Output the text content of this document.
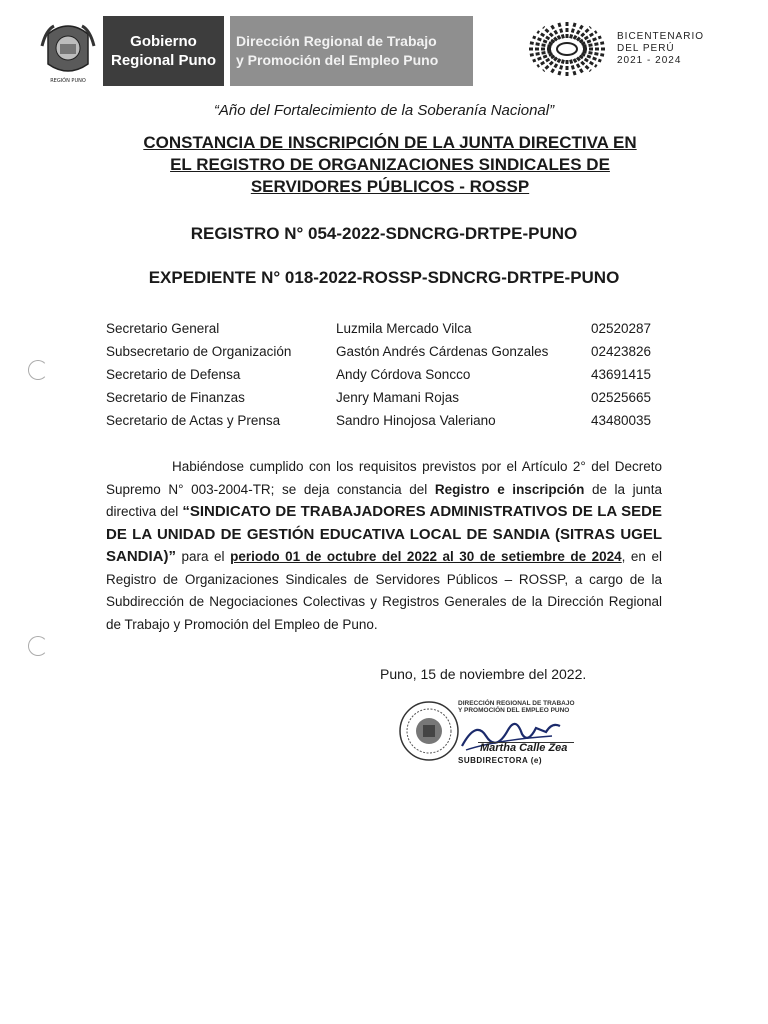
REGIÓN PUNO
Gobierno
Regional Puno
Dirección Regional de Trabajo
y Promoción del Empleo Puno
BICENTENARIO
DEL PERÚ
2021 - 2024
“Año del Fortalecimiento de la Soberanía Nacional”
CONSTANCIA DE INSCRIPCIÓN DE LA JUNTA DIRECTIVA EN
EL REGISTRO DE ORGANIZACIONES SINDICALES DE
SERVIDORES PÚBLICOS - ROSSP
REGISTRO N° 054-2022-SDNCRG-DRTPE-PUNO
EXPEDIENTE N° 018-2022-ROSSP-SDNCRG-DRTPE-PUNO
Secretario General	Luzmila Mercado Vilca	02520287
Subsecretario de Organización	Gastón Andrés Cárdenas Gonzales	02423826
Secretario de Defensa	Andy Córdova Soncco	43691415
Secretario de Finanzas	Jenry Mamani Rojas	02525665
Secretario de Actas y Prensa	Sandro Hinojosa Valeriano	43480035
Habiéndose cumplido con los requisitos previstos por el Artículo 2° del Decreto Supremo N° 003-2004-TR; se deja constancia del Registro e inscripción de la junta directiva del “SINDICATO DE TRABAJADORES ADMINISTRATIVOS DE LA SEDE DE LA UNIDAD DE GESTIÓN EDUCATIVA LOCAL DE SANDIA (SITRAS UGEL SANDIA)” para el periodo 01 de octubre del 2022 al 30 de setiembre de 2024, en el Registro de Organizaciones Sindicales de Servidores Públicos – ROSSP, a cargo de la Subdirección de Negociaciones Colectivas y Registros Generales de la Dirección Regional de Trabajo y Promoción del Empleo de Puno.
Puno, 15 de noviembre del 2022.
DIRECCIÓN REGIONAL DE TRABAJO
Y PROMOCIÓN DEL EMPLEO PUNO
Martha Calle Zea
SUBDIRECTORA (e)
